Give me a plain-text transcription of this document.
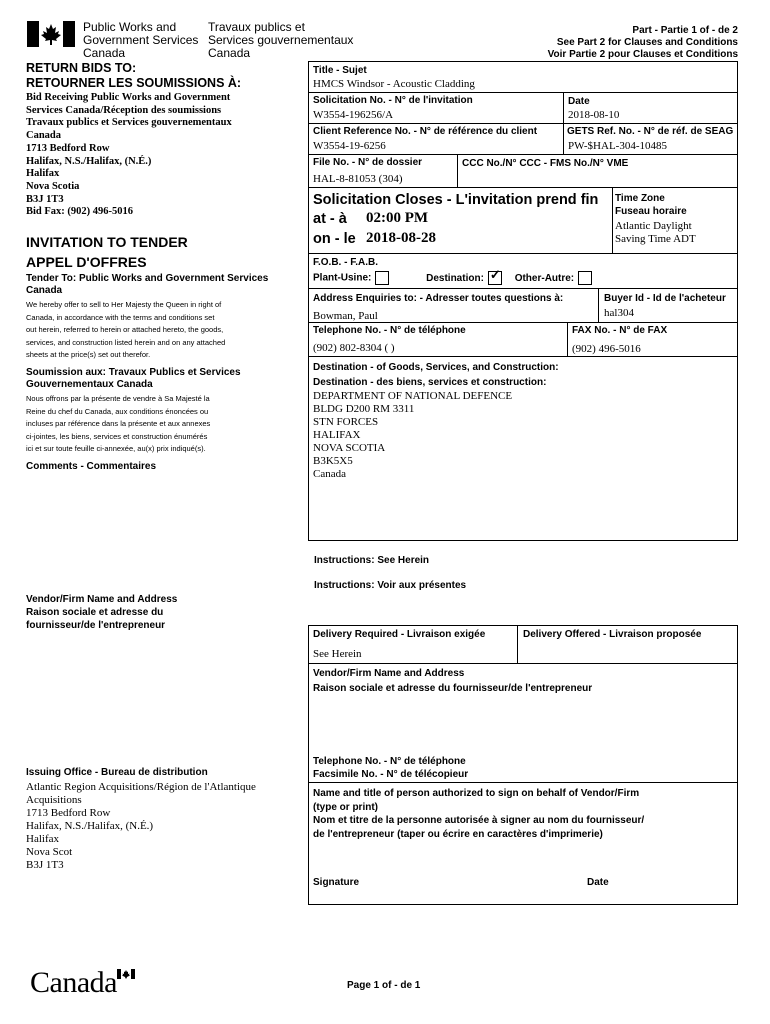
Public Works and
Government Services
Canada
Travaux publics et
Services gouvernementaux
Canada
Part - Partie 1 of - de 2
See Part 2 for Clauses and Conditions
Voir Partie 2 pour Clauses et Conditions
RETURN BIDS TO:
RETOURNER LES SOUMISSIONS À:
Bid Receiving Public Works and Government
Services Canada/Réception des soumissions
Travaux publics et Services gouvernementaux
Canada
1713 Bedford Row
Halifax, N.S./Halifax, (N.É.)
Halifax
Nova Scotia
B3J 1T3
Bid Fax: (902) 496-5016
INVITATION TO TENDER
APPEL D'OFFRES
Tender To: Public Works and Government Services Canada
We hereby offer to sell to Her Majesty the Queen in right of
Canada, in accordance with the terms and conditions set
out herein, referred to herein or attached hereto, the goods,
services, and construction listed herein and on any attached
sheets at the price(s) set out therefor.
Soumission aux: Travaux Publics et Services Gouvernementaux Canada
Nous offrons par la présente de vendre à Sa Majesté la
Reine du chef du Canada, aux conditions énoncées ou
incluses par référence dans la présente et aux annexes
ci-jointes, les biens, services et construction énumérés
ici et sur toute feuille ci-annexée, au(x) prix indiqué(s).
Comments - Commentaires
Vendor/Firm Name and Address
Raison sociale et adresse du
fournisseur/de l'entrepreneur
Issuing Office - Bureau de distribution
Atlantic Region Acquisitions/Région de l'Atlantique
Acquisitions
1713 Bedford Row
Halifax, N.S./Halifax, (N.É.)
Halifax
Nova Scot
B3J 1T3
Title - Sujet
HMCS Windsor - Acoustic Cladding
Solicitation No. - N° de l'invitation
W3554-196256/A
Date
2018-08-10
Client Reference No. - N° de référence du client
W3554-19-6256
GETS Ref. No. - N° de réf. de SEAG
PW-$HAL-304-10485
File No. - N° de dossier
HAL-8-81053 (304)
CCC No./N° CCC - FMS No./N° VME
Solicitation Closes - L'invitation prend fin
at - à 02:00 PM
on - le 2018-08-28
Time Zone
Fuseau horaire
Atlantic Daylight
Saving Time ADT
F.O.B. - F.A.B.
Plant-Usine:	Destination:✓	Other-Autre:
Address Enquiries to: - Adresser toutes questions à:
Bowman, Paul
Buyer Id - Id de l'acheteur
hal304
Telephone No. - N° de téléphone
(902) 802-8304 ( )
FAX No. - N° de FAX
(902) 496-5016
Destination - of Goods, Services, and Construction:
Destination - des biens, services et construction:
DEPARTMENT OF NATIONAL DEFENCE
BLDG D200 RM 3311
STN FORCES
HALIFAX
NOVA SCOTIA
B3K5X5
Canada
Instructions: See Herein
Instructions: Voir aux présentes
Delivery Required - Livraison exigée
See Herein
Delivery Offered - Livraison proposée
Vendor/Firm Name and Address
Raison sociale et adresse du fournisseur/de l'entrepreneur
Telephone No. - N° de téléphone
Facsimile No. - N° de télécopieur
Name and title of person authorized to sign on behalf of Vendor/Firm
(type or print)
Nom et titre de la personne autorisée à signer au nom du fournisseur/
de l'entrepreneur (taper ou écrire en caractères d'imprimerie)
Signature	Date
Canada	Page 1 of - de 1
